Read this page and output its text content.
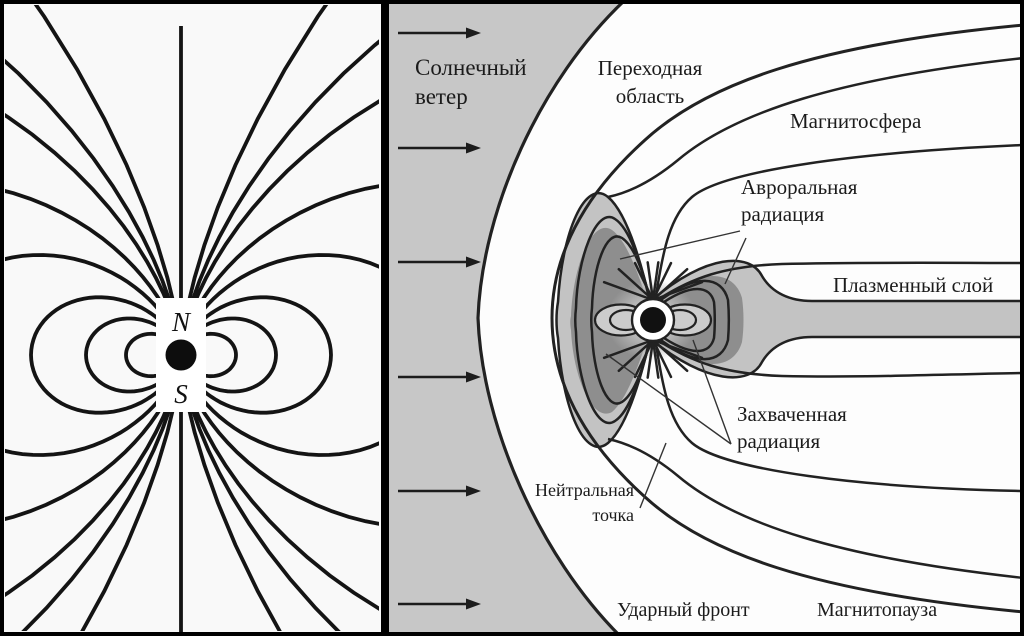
N
S
Солнечный
ветер
Переходная
область
Магнитосфера
Авроральная
радиация
Плазменный слой
Захваченная
радиация
Нейтральная
точка
Ударный фронт	Магнитопауза
